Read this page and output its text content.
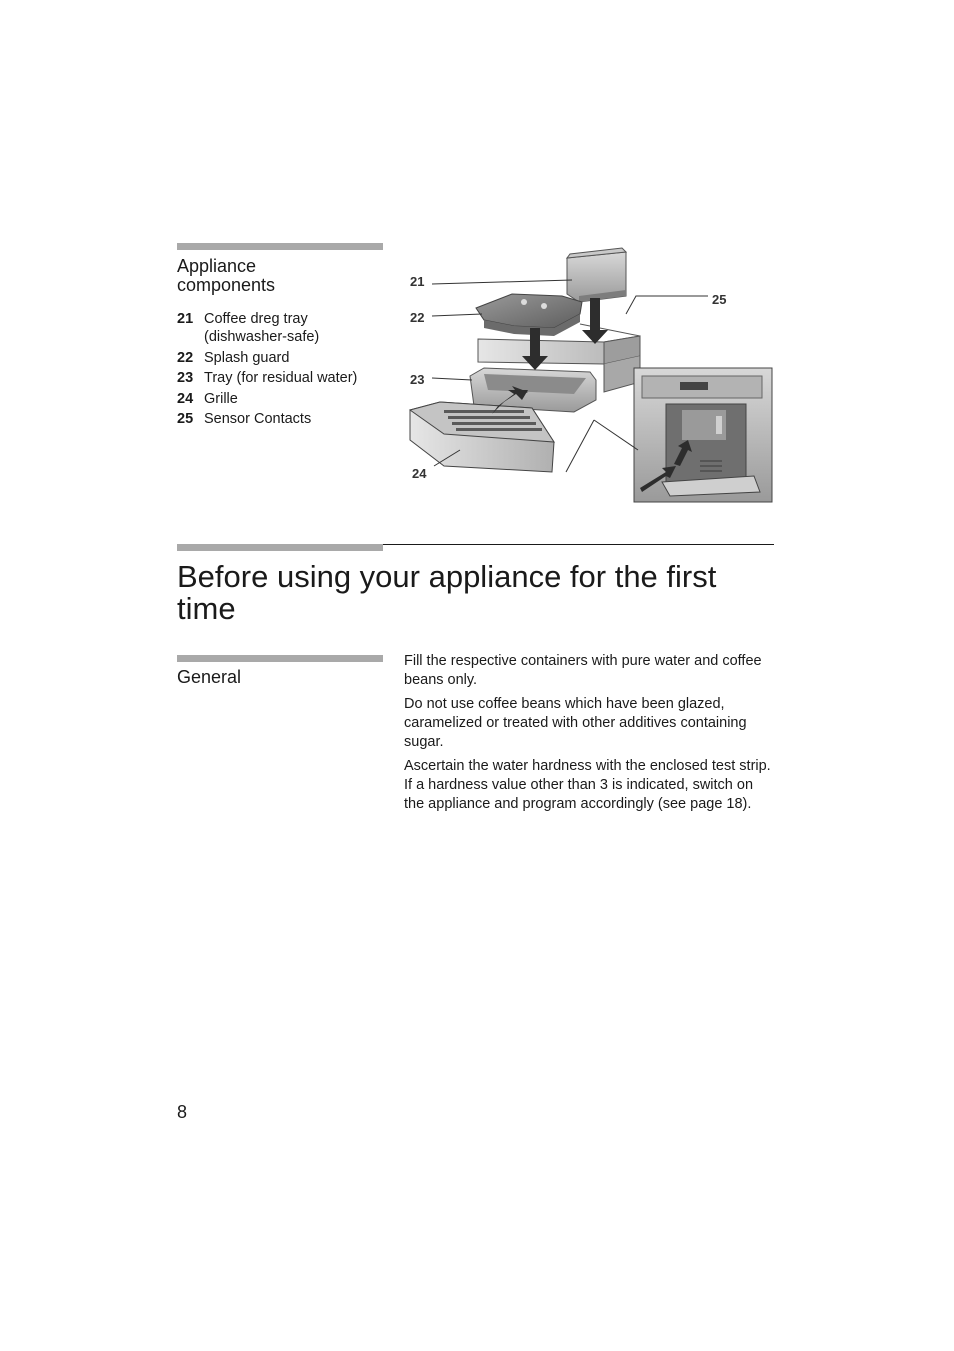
Appliance components
21 Coffee dreg tray (dishwasher-safe)
22 Splash guard
23 Tray (for residual water)
24 Grille
25 Sensor Contacts
21
22
23
24
25
Before using your appliance for the first time
General

Fill the respective containers with pure water and coffee beans only.

Do not use coffee beans which have been glazed, caramelized or treated with other additives containing sugar.

Ascertain the water hardness with the enclosed test strip. If a hardness value other than 3 is indicated, switch on the appliance and program accordingly (see page 18).

8
